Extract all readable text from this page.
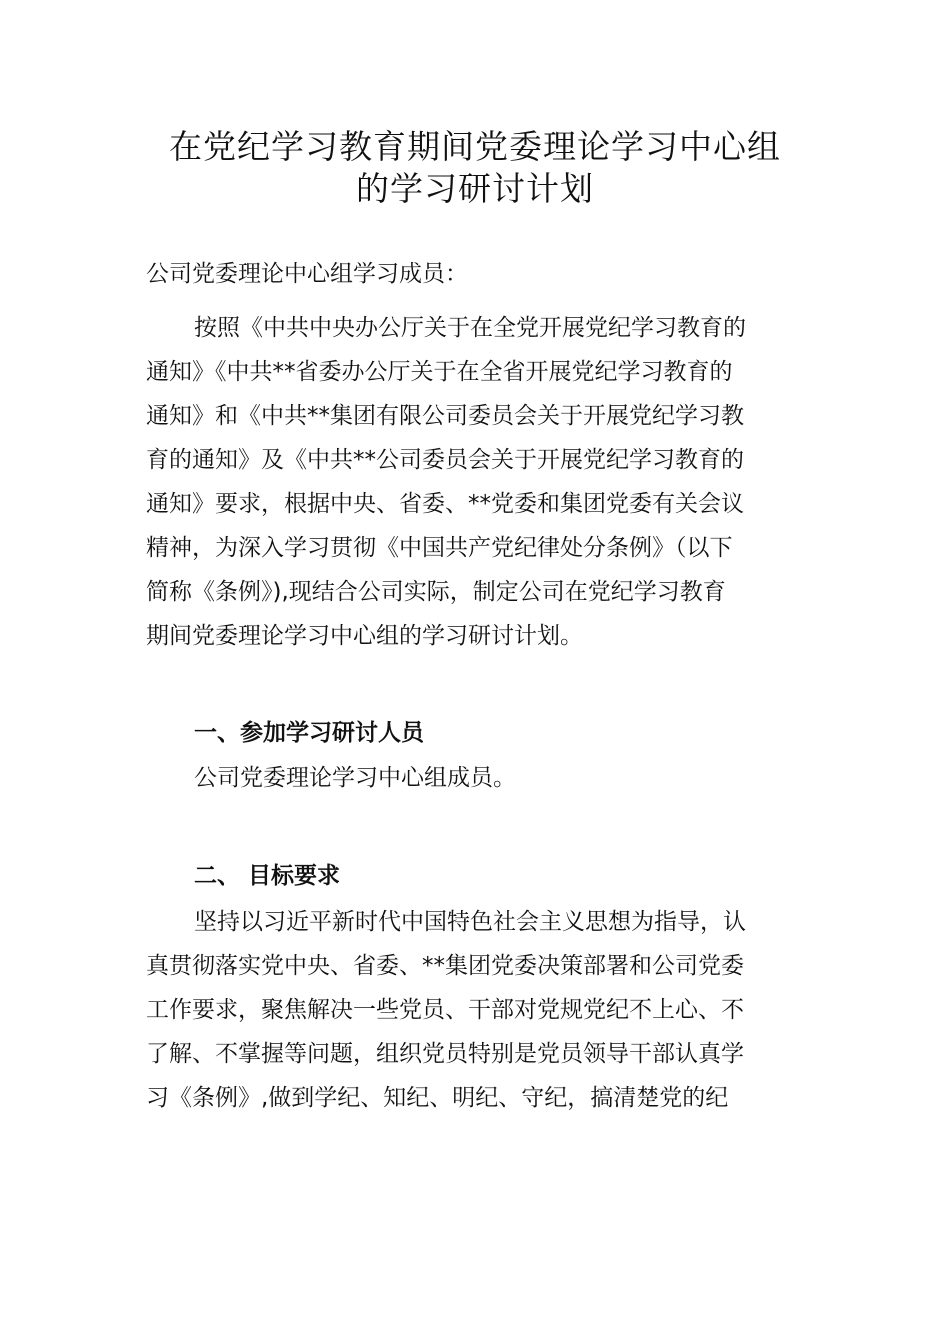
在党纪学习教育期间党委理论学习中心组
的学习研讨计划

公司党委理论中心组学习成员：

按照《中共中央办公厅关于在全党开展党纪学习教育的

通知》《中共**省委办公厅关于在全省开展党纪学习教育的

通知》和《中共**集团有限公司委员会关于开展党纪学习教

育的通知》及《中共**公司委员会关于开展党纪学习教育的

通知》要求，根据中央、省委、**党委和集团党委有关会议

精神，为深入学习贯彻《中国共产党纪律处分条例》（以下

简称《条例》),现结合公司实际，制定公司在党纪学习教育

期间党委理论学习中心组的学习研讨计划。

一、参加学习研讨人员

公司党委理论学习中心组成员。

二、 目标要求

坚持以习近平新时代中国特色社会主义思想为指导，认

真贯彻落实党中央、省委、**集团党委决策部署和公司党委

工作要求，聚焦解决一些党员、干部对党规党纪不上心、不

了解、不掌握等问题，组织党员特别是党员领导干部认真学

习《条例》,做到学纪、知纪、明纪、守纪，搞清楚党的纪
